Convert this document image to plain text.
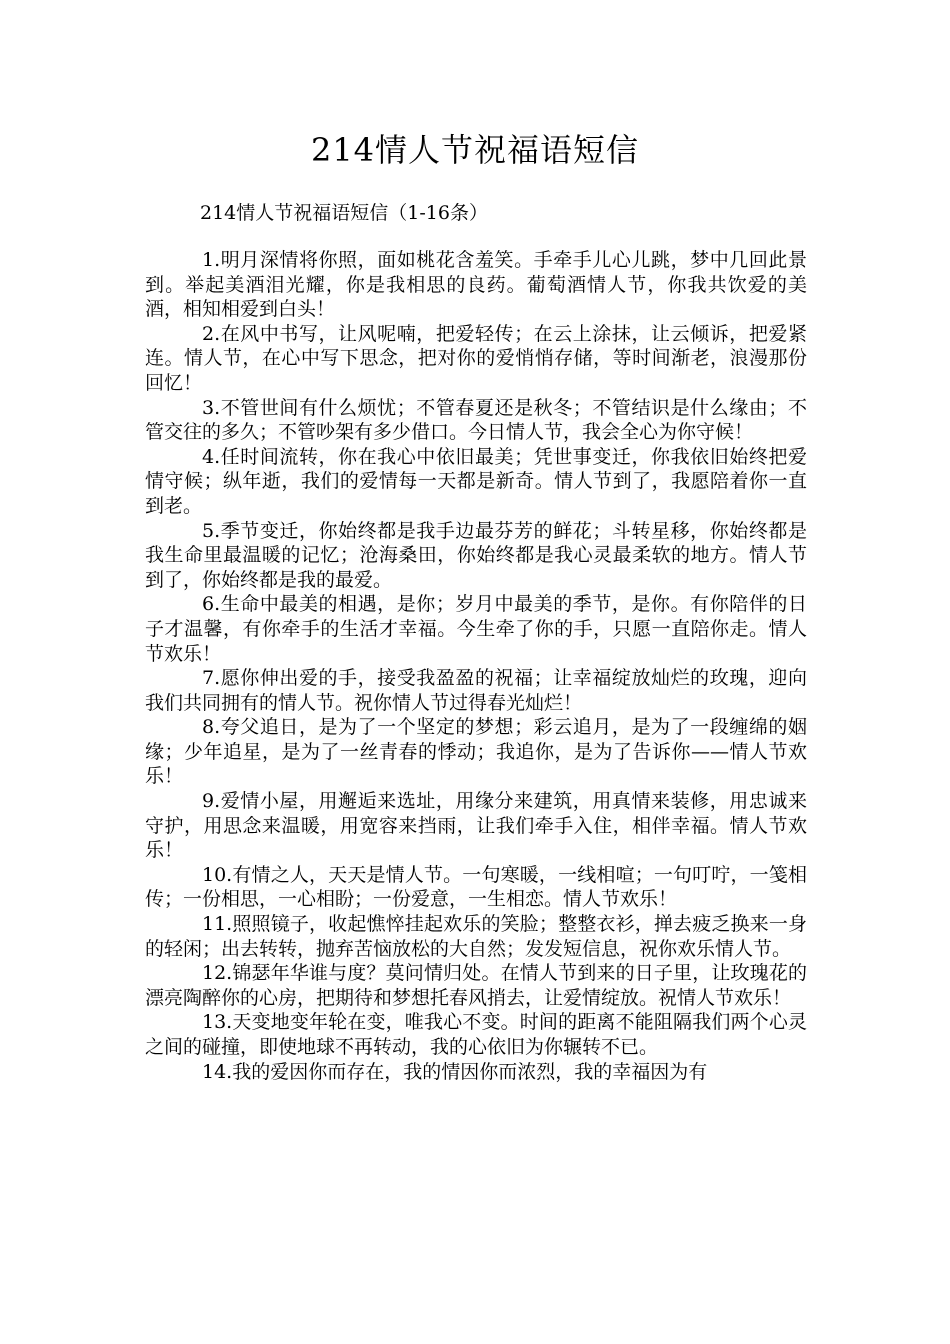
214情人节祝福语短信

214情人节祝福语短信（1-16条）

1.明月深情将你照，面如桃花含羞笑。手牵手儿心儿跳，梦中几回此景到。举起美酒泪光耀，你是我相思的良药。葡萄酒情人节，你我共饮爱的美酒，相知相爱到白头！

2.在风中书写，让风呢喃，把爱轻传；在云上涂抹，让云倾诉，把爱紧连。情人节，在心中写下思念，把对你的爱悄悄存储，等时间渐老，浪漫那份回忆！

3.不管世间有什么烦忧；不管春夏还是秋冬；不管结识是什么缘由；不管交往的多久；不管吵架有多少借口。今日情人节，我会全心为你守候！

4.任时间流转，你在我心中依旧最美；凭世事变迁，你我依旧始终把爱情守候；纵年逝，我们的爱情每一天都是新奇。情人节到了，我愿陪着你一直到老。

5.季节变迁，你始终都是我手边最芬芳的鲜花；斗转星移，你始终都是我生命里最温暖的记忆；沧海桑田，你始终都是我心灵最柔软的地方。情人节到了，你始终都是我的最爱。

6.生命中最美的相遇，是你；岁月中最美的季节，是你。有你陪伴的日子才温馨，有你牵手的生活才幸福。今生牵了你的手，只愿一直陪你走。情人节欢乐！

7.愿你伸出爱的手，接受我盈盈的祝福；让幸福绽放灿烂的玫瑰，迎向我们共同拥有的情人节。祝你情人节过得春光灿烂！

8.夸父追日，是为了一个坚定的梦想；彩云追月，是为了一段缠绵的姻缘；少年追星，是为了一丝青春的悸动；我追你，是为了告诉你——情人节欢乐！

9.爱情小屋，用邂逅来选址，用缘分来建筑，用真情来装修，用忠诚来守护，用思念来温暖，用宽容来挡雨，让我们牵手入住，相伴幸福。情人节欢乐！

10.有情之人，天天是情人节。一句寒暖，一线相喧；一句叮咛，一笺相传；一份相思，一心相盼；一份爱意，一生相恋。情人节欢乐！

11.照照镜子，收起憔悴挂起欢乐的笑脸；整整衣衫，掸去疲乏换来一身的轻闲；出去转转，抛弃苦恼放松的大自然；发发短信息，祝你欢乐情人节。

12.锦瑟年华谁与度？莫问情归处。在情人节到来的日子里，让玫瑰花的漂亮陶醉你的心房，把期待和梦想托春风捎去，让爱情绽放。祝情人节欢乐！

13.天变地变年轮在变，唯我心不变。时间的距离不能阻隔我们两个心灵之间的碰撞，即使地球不再转动，我的心依旧为你辗转不已。

14.我的爱因你而存在，我的情因你而浓烈，我的幸福因为有
